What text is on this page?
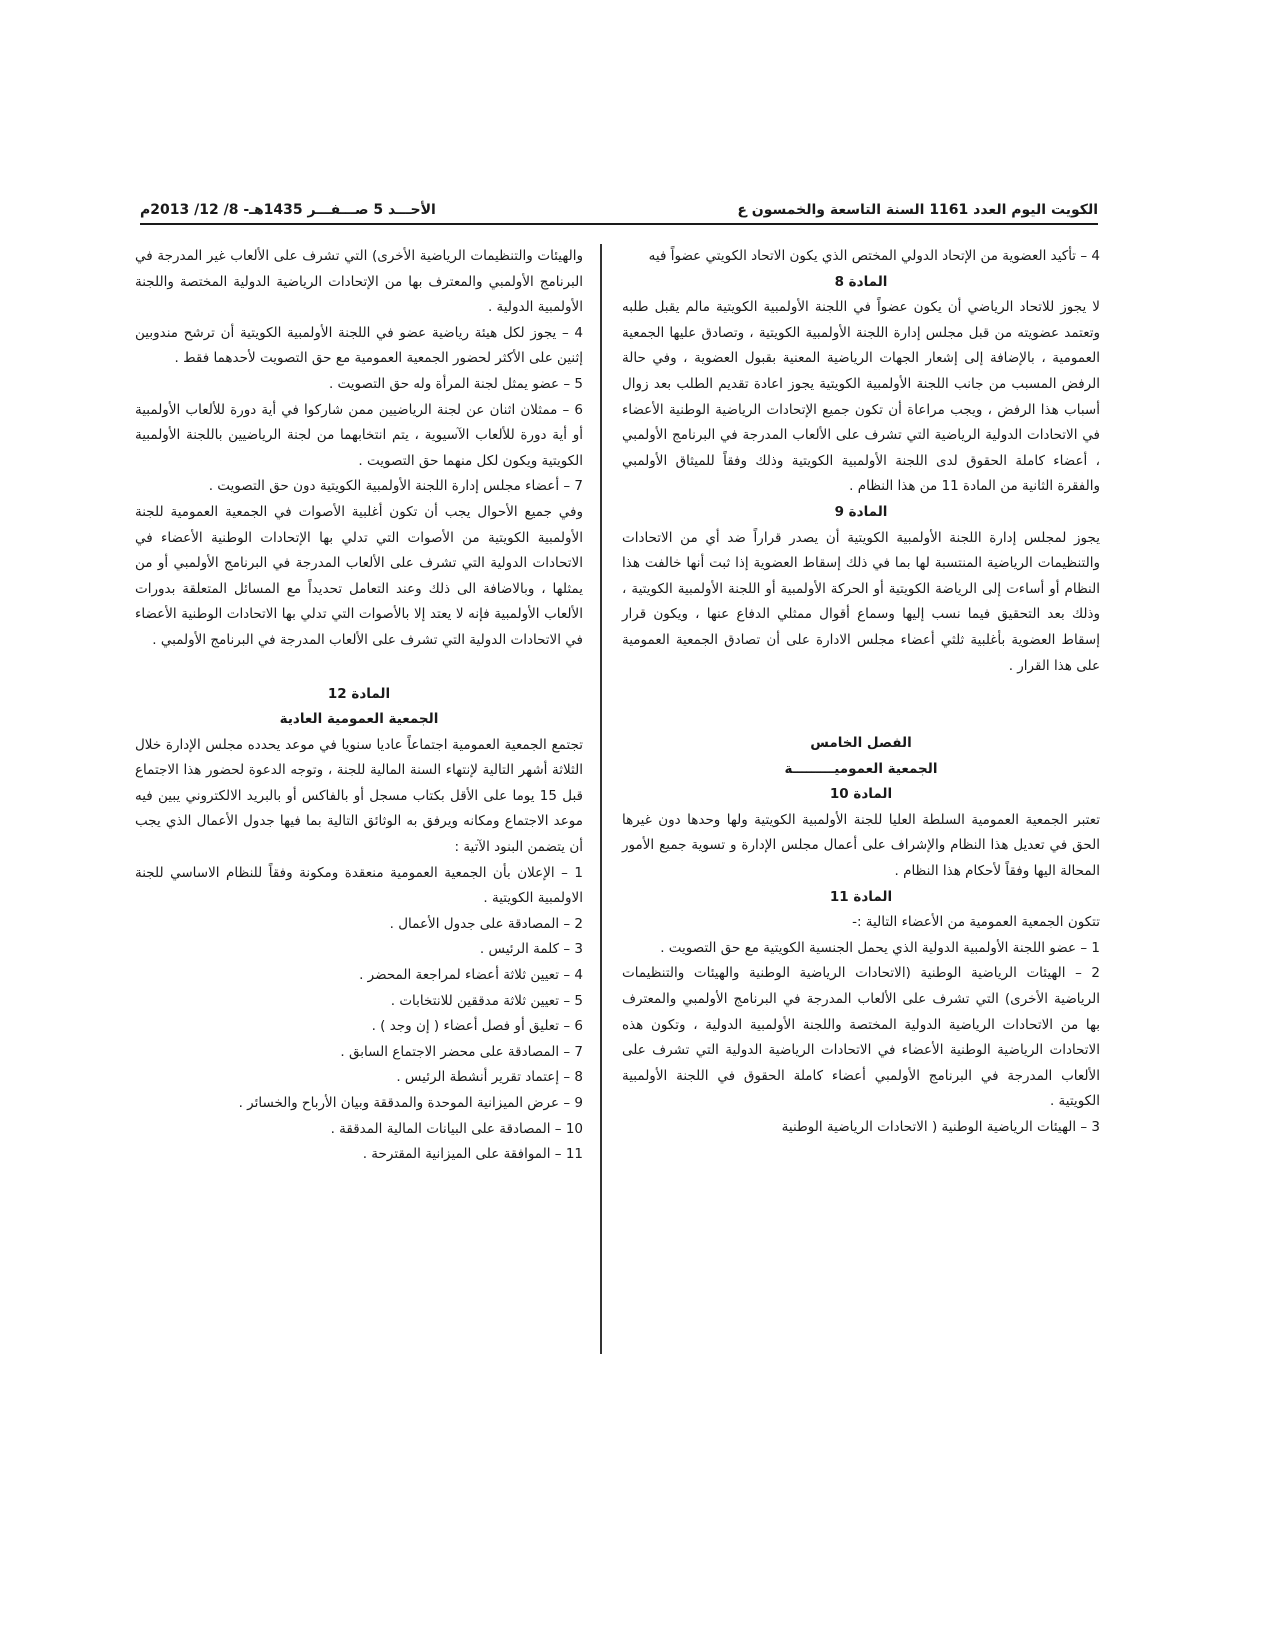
الأحـــد 5 صـــفـــر 1435هـ- 8/ 12/ 2013م	الكويت اليوم العدد 1161 السنة التاسعة والخمسون ع

4 – تأكيد العضوية من الإتحاد الدولي المختص الذي يكون الاتحاد الكويتي عضواً فيه

المادة 8

لا يجوز للاتحاد الرياضي أن يكون عضواً في اللجنة الأولمبية الكويتية مالم يقبل طلبه وتعتمد عضويته من قبل مجلس إدارة اللجنة الأولمبية الكويتية ، وتصادق عليها الجمعية العمومية ، بالإضافة إلى إشعار الجهات الرياضية المعنية بقبول العضوية ، وفي حالة الرفض المسبب من جانب اللجنة الأولمبية الكويتية يجوز اعادة تقديم الطلب بعد زوال أسباب هذا الرفض ، ويجب مراعاة أن تكون جميع الإتحادات الرياضية الوطنية الأعضاء في الاتحادات الدولية الرياضية التي تشرف على الألعاب المدرجة في البرنامج الأولمبي ، أعضاء كاملة الحقوق لدى اللجنة الأولمبية الكويتية وذلك وفقاً للميثاق الأولمبي والفقرة الثانية من المادة 11 من هذا النظام .

المادة 9

يجوز لمجلس إدارة اللجنة الأولمبية الكويتية أن يصدر قراراً ضد أي من الاتحادات والتنظيمات الرياضية المنتسبة لها بما في ذلك إسقاط العضوية إذا ثبت أنها خالفت هذا النظام أو أساءت إلى الرياضة الكويتية أو الحركة الأولمبية أو اللجنة الأولمبية الكويتية ، وذلك بعد التحقيق فيما نسب إليها وسماع أقوال ممثلي الدفاع عنها ، ويكون قرار إسقاط العضوية بأغلبية ثلثي أعضاء مجلس الادارة على أن تصادق الجمعية العمومية على هذا القرار .

الفصل الخامس

الجمعية العموميـــــــــة

المادة 10

تعتبر الجمعية العمومية السلطة العليا للجنة الأولمبية الكويتية ولها وحدها دون غيرها الحق في تعديل هذا النظام والإشراف على أعمال مجلس الإدارة و تسوية جميع الأمور المحالة اليها وفقاً لأحكام هذا النظام .

المادة 11

تتكون الجمعية العمومية من الأعضاء التالية :-

1 – عضو اللجنة الأولمبية الدولية الذي يحمل الجنسية الكويتية مع حق التصويت .

2 – الهيئات الرياضية الوطنية (الاتحادات الرياضية الوطنية والهيئات والتنظيمات الرياضية الأخرى) التي تشرف على الألعاب المدرجة في البرنامج الأولمبي والمعترف بها من الاتحادات الرياضية الدولية المختصة واللجنة الأولمبية الدولية ، وتكون هذه الاتحادات الرياضية الوطنية الأعضاء في الاتحادات الرياضية الدولية التي تشرف على الألعاب المدرجة في البرنامج الأولمبي أعضاء كاملة الحقوق في اللجنة الأولمبية الكويتية .

3 – الهيئات الرياضية الوطنية ( الاتحادات الرياضية الوطنية

والهيئات والتنظيمات الرياضية الأخرى) التي تشرف على الألعاب غير المدرجة في البرنامج الأولمبي والمعترف بها من الإتحادات الرياضية الدولية المختصة واللجنة الأولمبية الدولية .

4 – يجوز لكل هيئة رياضية عضو في اللجنة الأولمبية الكويتية أن ترشح مندوبين إثنين على الأكثر لحضور الجمعية العمومية مع حق التصويت لأحدهما فقط .

5 – عضو يمثل لجنة المرأة وله حق التصويت .

6 – ممثلان اثنان عن لجنة الرياضيين ممن شاركوا في أية دورة للألعاب الأولمبية أو أية دورة للألعاب الآسيوية ، يتم انتخابهما من لجنة الرياضيين باللجنة الأولمبية الكويتية ويكون لكل منهما حق التصويت .

7 – أعضاء مجلس إدارة اللجنة الأولمبية الكويتية دون حق التصويت .

وفي جميع الأحوال يجب أن تكون أغلبية الأصوات في الجمعية العمومية للجنة الأولمبية الكويتية من الأصوات التي تدلي بها الإتحادات الوطنية الأعضاء في الاتحادات الدولية التي تشرف على الألعاب المدرجة في البرنامج الأولمبي أو من يمثلها ، وبالاضافة الى ذلك وعند التعامل تحديداً مع المسائل المتعلقة بدورات الألعاب الأولمبية فإنه لا يعتد إلا بالأصوات التي تدلي بها الاتحادات الوطنية الأعضاء في الاتحادات الدولية التي تشرف على الألعاب المدرجة في البرنامج الأولمبي .

المادة 12

الجمعية العمومية العادية

تجتمع الجمعية العمومية اجتماعاً عاديا سنويا في موعد يحدده مجلس الإدارة خلال الثلاثة أشهر التالية لإنتهاء السنة المالية للجنة ، وتوجه الدعوة لحضور هذا الاجتماع قبل 15 يوما على الأقل بكتاب مسجل أو بالفاكس أو بالبريد الالكتروني يبين فيه موعد الاجتماع ومكانه ويرفق به الوثائق التالية بما فيها جدول الأعمال الذي يجب أن يتضمن البنود الآتية :

1 – الإعلان بأن الجمعية العمومية منعقدة ومكونة وفقاً للنظام الاساسي للجنة الاولمبية الكويتية .

2 – المصادقة على جدول الأعمال .

3 – كلمة الرئيس .

4 – تعيين ثلاثة أعضاء لمراجعة المحضر .

5 – تعيين ثلاثة مدققين للانتخابات .

6 – تعليق أو فصل أعضاء ( إن وجد ) .

7 – المصادقة على محضر الاجتماع السابق .

8 – إعتماد تقرير أنشطة الرئيس .

9 – عرض الميزانية الموحدة والمدققة وبيان الأرباح والخسائر .

10 – المصادقة على البيانات المالية المدققة .

11 – الموافقة على الميزانية المقترحة .
